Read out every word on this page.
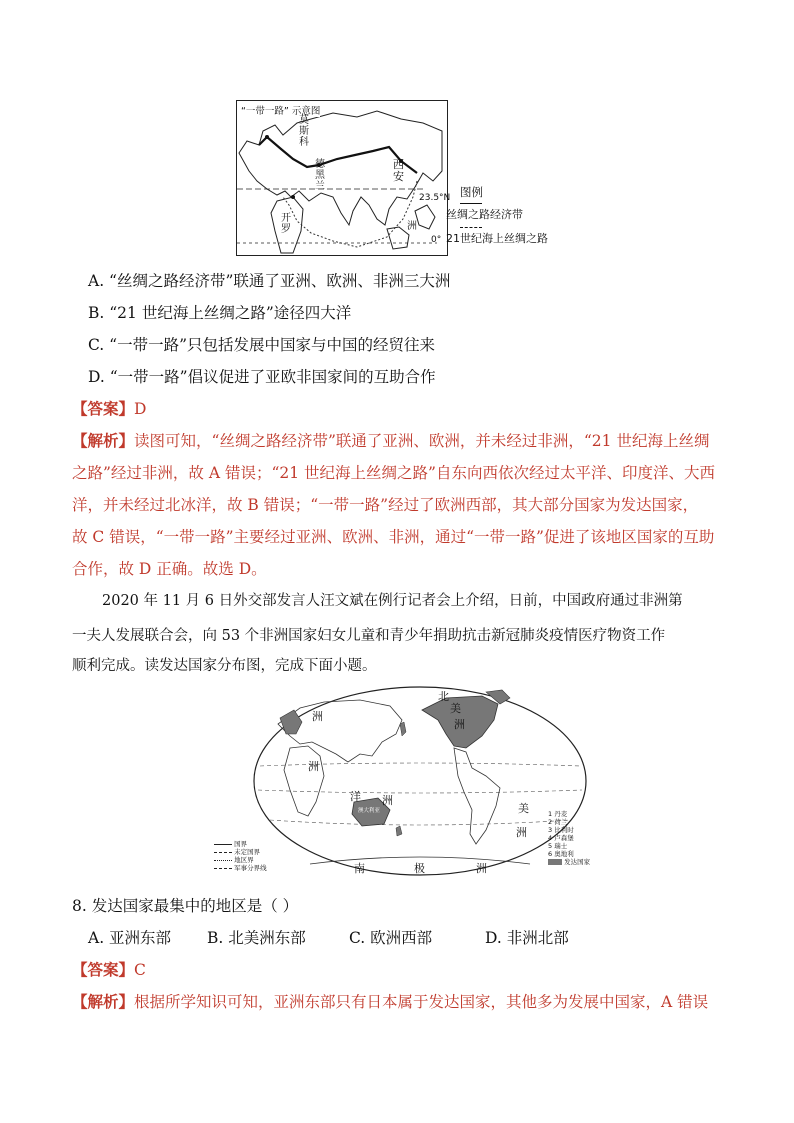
“一带一路” 示意图
莫
斯
科
德
黑
兰
西
安
开
罗	洲
23.5°N
0°
图例
丝绸之路经济带
21世纪海上丝绸之路
A. “丝绸之路经济带”联通了亚洲、欧洲、非洲三大洲
B. “21 世纪海上丝绸之路”途径四大洋
C. “一带一路”只包括发展中国家与中国的经贸往来
D. “一带一路”倡议促进了亚欧非国家间的互助合作
【答案】D
【解析】读图可知，“丝绸之路经济带”联通了亚洲、欧洲，并未经过非洲，“21 世纪海上丝绸
之路”经过非洲，故 A 错误；“21 世纪海上丝绸之路”自东向西依次经过太平洋、印度洋、大西
洋，并未经过北冰洋，故 B 错误；“一带一路”经过了欧洲西部，其大部分国家为发达国家，
故 C 错误，“一带一路”主要经过亚洲、欧洲、非洲，通过“一带一路”促进了该地区国家的互助
合作，故 D 正确。故选 D。
2020 年 11 月 6 日外交部发言人汪文斌在例行记者会上介绍，日前，中国政府通过非洲第
一夫人发展联合会，向 53 个非洲国家妇女儿童和青少年捐助抗击新冠肺炎疫情医疗物资工作
顺利完成。读发达国家分布图，完成下面小题。
洲
北
美
洲
洲
洋 洲
美
洲
澳大利亚
南	极	洲
国界
未定国界
地区界
军事分界线
1 丹麦
2 荷兰
3 比利时
4 卢森堡
5 瑞士
6 奥地利
发达国家
8. 发达国家最集中的地区是（ ）
A. 亚洲东部 B. 北美洲东部	C. 欧洲西部	D. 非洲北部
【答案】C
【解析】根据所学知识可知，亚洲东部只有日本属于发达国家，其他多为发展中国家，A 错误
